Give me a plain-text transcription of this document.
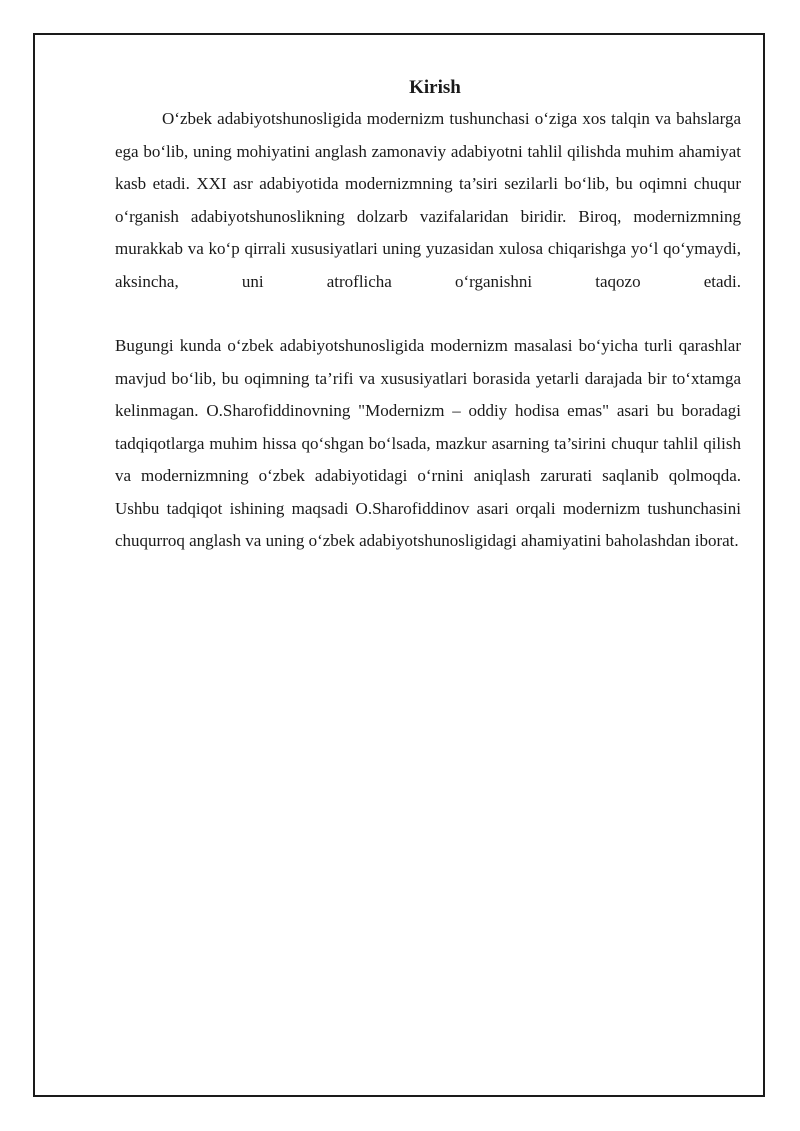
Kirish

O‘zbek adabiyotshunosligida modernizm tushunchasi o‘ziga xos talqin va bahslarga ega bo‘lib, uning mohiyatini anglash zamonaviy adabiyotni tahlil qilishda muhim ahamiyat kasb etadi. XXI asr adabiyotida modernizmning ta’siri sezilarli bo‘lib, bu oqimni chuqur o‘rganish adabiyotshunoslikning dolzarb vazifalaridan biridir. Biroq, modernizmning murakkab va ko‘p qirrali xususiyatlari uning yuzasidan xulosa chiqarishga yo‘l qo‘ymaydi, aksincha, uni atroflicha o‘rganishni taqozo etadi.

Bugungi kunda o‘zbek adabiyotshunosligida modernizm masalasi bo‘yicha turli qarashlar mavjud bo‘lib, bu oqimning ta’rifi va xususiyatlari borasida yetarli darajada bir to‘xtamga kelinmagan. O.Sharofiddinovning "Modernizm – oddiy hodisa emas" asari bu boradagi tadqiqotlarga muhim hissa qo‘shgan bo‘lsada, mazkur asarning ta’sirini chuqur tahlil qilish va modernizmning o‘zbek adabiyotidagi o‘rnini aniqlash zarurati saqlanib qolmoqda. Ushbu tadqiqot ishining maqsadi O.Sharofiddinov asari orqali modernizm tushunchasini chuqurroq anglash va uning o‘zbek adabiyotshunosligidagi ahamiyatini baholashdan iborat.
